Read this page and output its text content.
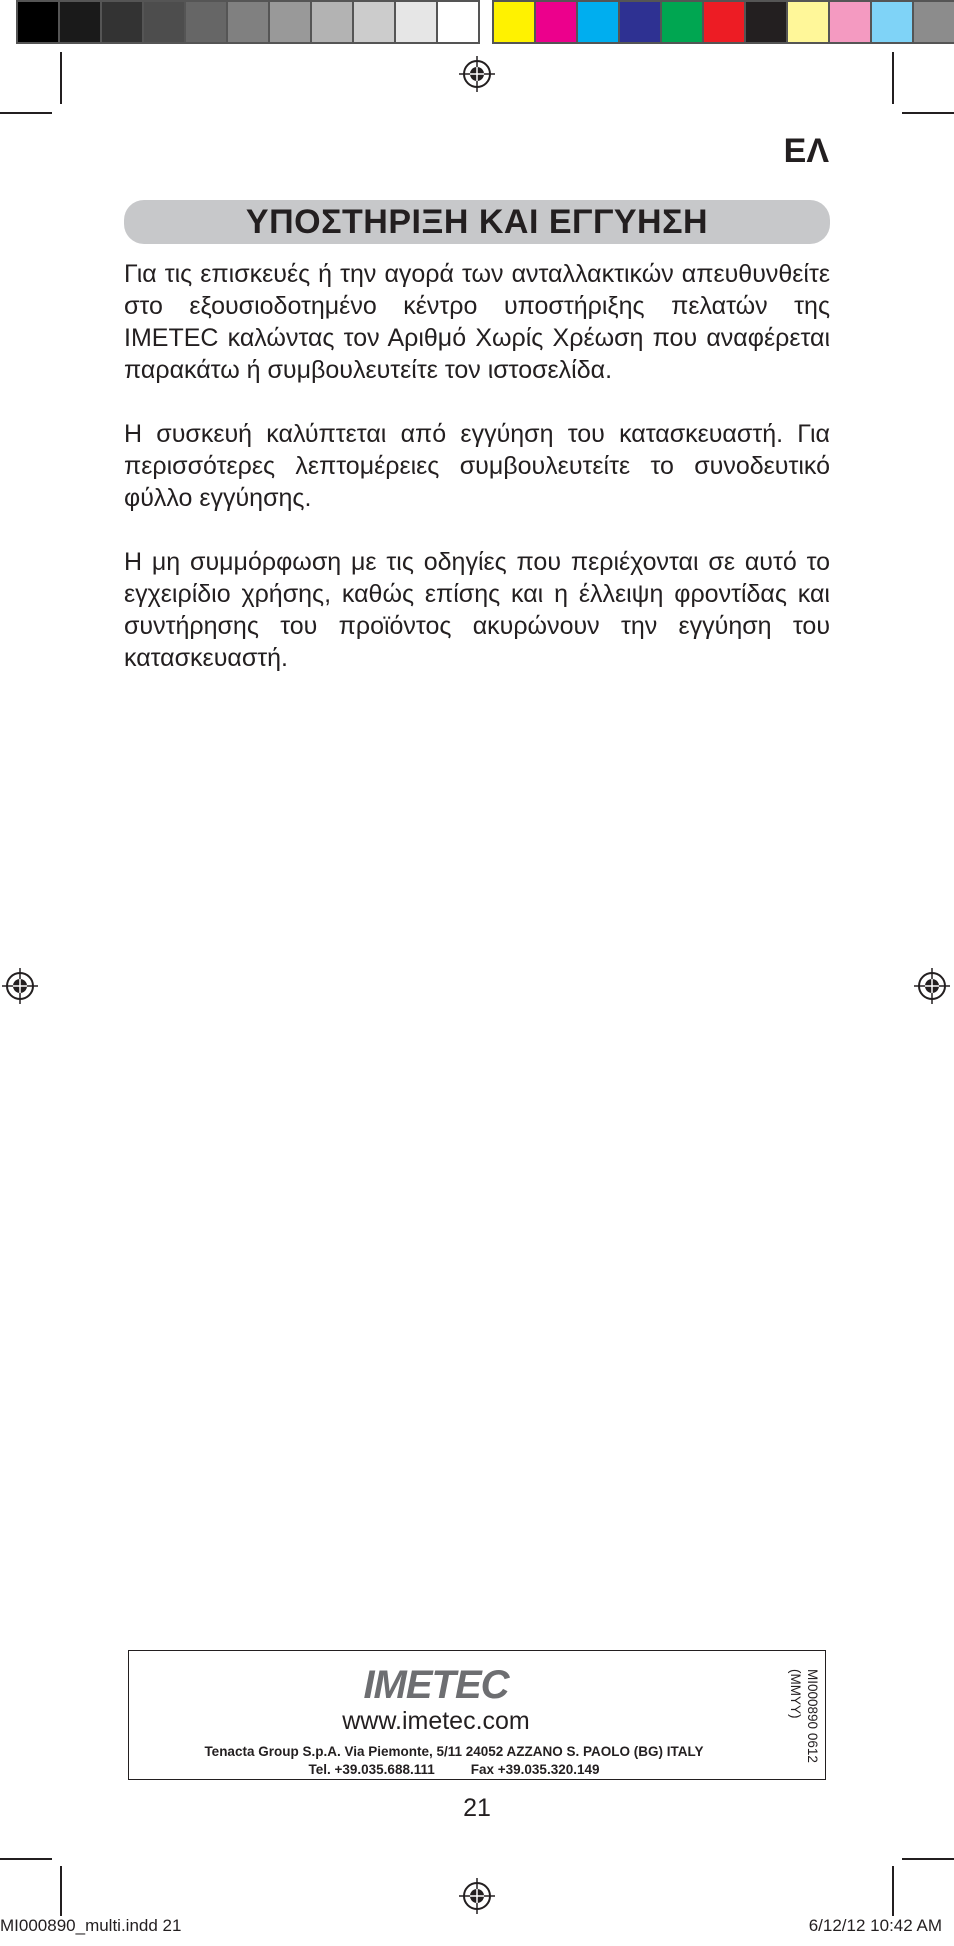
ΕΛ
ΥΠΟΣΤΗΡΙΞΗ ΚΑΙ ΕΓΓΥΗΣΗ

Για τις επισκευές ή την αγορά των ανταλλακτικών απευθυνθείτε στο εξουσιοδοτημένο κέντρο υποστήριξης πελατών της IMETEC καλώντας τον Αριθμό Χωρίς Χρέωση που αναφέρεται παρακάτω ή συμβουλευτείτε τον ιστοσελίδα.

Η συσκευή καλύπτεται από εγγύηση του κατασκευαστή. Για περισσότερες λεπτομέρειες συμβουλευτείτε το συνοδευτικό φύλλο εγγύησης.

Η μη συμμόρφωση με τις οδηγίες που περιέχονται σε αυτό το εγχειρίδιο χρήσης, καθώς επίσης και η έλλειψη φροντίδας και συντήρησης του προϊόντος ακυρώνουν την εγγύηση του κατασκευαστή.

IMETEC
www.imetec.com
Tenacta Group S.p.A. Via Piemonte, 5/11 24052 AZZANO S. PAOLO (BG) ITALY
Tel. +39.035.688.111	Fax +39.035.320.149
MI000890 0612 (MMYY)
21
MI000890_multi.indd 21	6/12/12 10:42 AM
